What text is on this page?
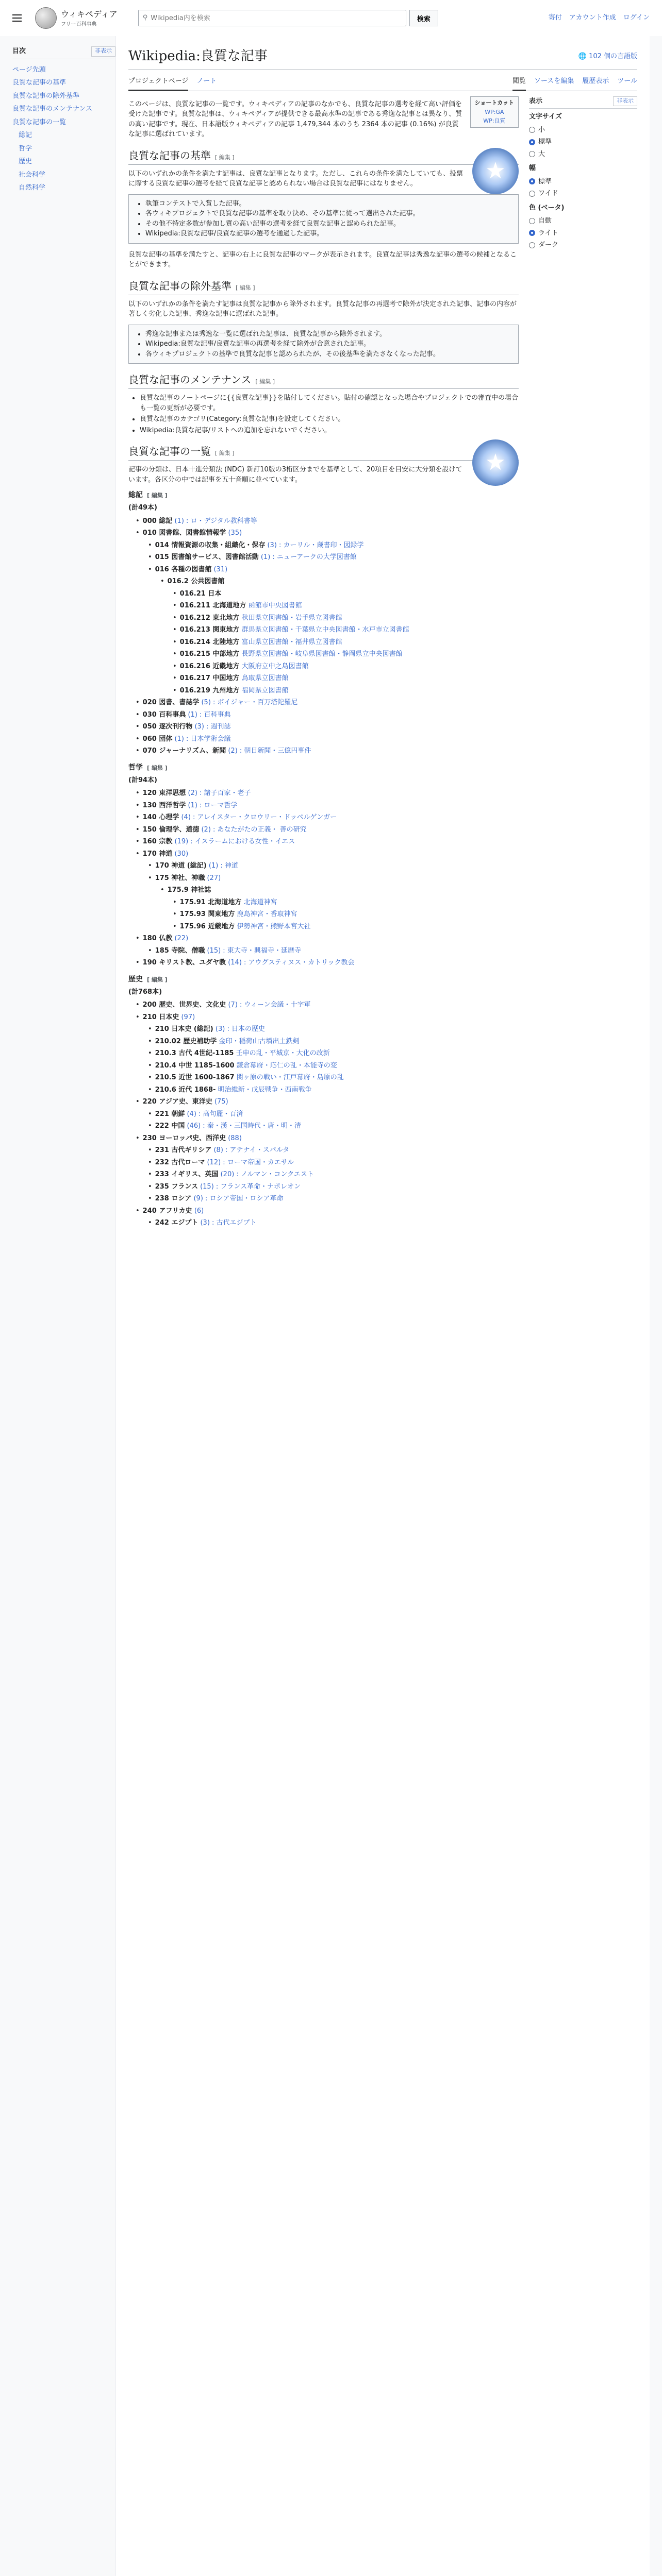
ウィキペディア
フリー百科事典
⚲
Wikipedia内を検索	検索	寄付 アカウント作成 ログイン
目次	非表示
ページ先頭
良質な記事の基準
良質な記事の除外基準
良質な記事のメンテナンス
良質な記事の一覧
総記
哲学
歴史
社会科学
自然科学
Wikipedia:良質な記事	🌐 102 個の言語版
プロジェクトページ ノート	閲覧 ソースを編集 履歴表示 ツール
ショートカット
WP:GA
WP:良質

このページは、良質な記事の一覧です。ウィキペディアの記事のなかでも、良質な記事の選考を経て高い評価を受けた記事です。良質な記事は、ウィキペディアが提供できる最高水準の記事である秀逸な記事とは異なり、質の高い記事です。現在、日本語版ウィキペディアの記事 1,479,344 本のうち 2364 本の記事 (0.16%) が良質な記事に選ばれています。

★
良質な記事の基準 [ 編集 ]

以下のいずれかの条件を満たす記事は、良質な記事となります。ただし、これらの条件を満たしていても、投票に際する良質な記事の選考を経て良質な記事と認められない場合は良質な記事にはなりません。

• 執筆コンテストで入賞した記事。
• 各ウィキプロジェクトで良質な記事の基準を取り決め、その基準に従って選出された記事。
• その他不特定多数が参加し質の高い記事の選考を経て良質な記事と認められた記事。
• Wikipedia:良質な記事/良質な記事の選考を通過した記事。

良質な記事の基準を満たすと、記事の右上に良質な記事のマークが表示されます。良質な記事は秀逸な記事の選考の候補となることができます。

良質な記事の除外基準 [ 編集 ]

以下のいずれかの条件を満たす記事は良質な記事から除外されます。良質な記事の再選考で除外が決定された記事、記事の内容が著しく劣化した記事、秀逸な記事に選ばれた記事。

• 秀逸な記事または秀逸な一覧に選ばれた記事は、良質な記事から除外されます。
• Wikipedia:良質な記事/良質な記事の再選考を経て除外が合意された記事。
• 各ウィキプロジェクトの基準で良質な記事と認められたが、その後基準を満たさなくなった記事。
良質な記事のメンテナンス [ 編集 ]
• 良質な記事のノートページに{{良質な記事}}を貼付してください。貼付の確認となった場合やプロジェクトでの審査中の場合も一覧の更新が必要です。
• 良質な記事のカテゴリ(Category:良質な記事)を設定してください。
• Wikipedia:良質な記事/リストへの追加を忘れないでください。
★
良質な記事の一覧 [ 編集 ]

記事の分類は、日本十進分類法 (NDC) 新訂10版の3桁区分までを基準として、20項目を目安に大分類を設けています。各区分の中では記事を五十音順に並べています。

総記 [ 編集 ]
(計49本)
• 000 総記 (1) : ロ・デジタル教科書等
• 010 図書館、図書館情報学 (35)
• 014 情報資源の収集・組織化・保存 (3) : カーリル・蔵書印・図録学
• 015 図書館サービス、図書館活動 (1) : ニューアークの大学図書館
• 016 各種の図書館 (31)
• 016.2 公共図書館
• 016.21 日本
• 016.211 北海道地方 函館市中央図書館
• 016.212 東北地方 秋田県立図書館・岩手県立図書館
• 016.213 関東地方 群馬県立図書館・千葉県立中央図書館・水戸市立図書館
• 016.214 北陸地方 富山県立図書館・福井県立図書館
• 016.215 中部地方 長野県立図書館・岐阜県図書館・静岡県立中央図書館
• 016.216 近畿地方 大阪府立中之島図書館
• 016.217 中国地方 鳥取県立図書館
• 016.219 九州地方 福岡県立図書館
• 020 図書、書誌学 (5) : ボイジャー・百万塔陀羅尼
• 030 百科事典 (1) : 百科事典
• 050 逐次刊行物 (3) : 週刊誌
• 060 団体 (1) : 日本学術会議
• 070 ジャーナリズム、新聞 (2) : 朝日新聞・三億円事件
哲学 [ 編集 ]
(計94本)
• 120 東洋思想 (2) : 諸子百家・老子
• 130 西洋哲学 (1) : ローマ哲学
• 140 心理学 (4) : アレイスター・クロウリー・ドッペルゲンガー
• 150 倫理学、道徳 (2) : あなたがたの正義・ 善の研究
• 160 宗教 (19) : イスラームにおける女性・イエス
• 170 神道 (30)
• 170 神道 (総記) (1) : 神道
• 175 神社、神職 (27)
• 175.9 神社誌
• 175.91 北海道地方 北海道神宮
• 175.93 関東地方 鹿島神宮・香取神宮
• 175.96 近畿地方 伊勢神宮・熊野本宮大社
• 180 仏教 (22)
• 185 寺院、僧職 (15) : 東大寺・興福寺・延暦寺
• 190 キリスト教、ユダヤ教 (14) : アウグスティヌス・カトリック教会
歴史 [ 編集 ]
(計768本)
• 200 歴史、世界史、文化史 (7) : ウィーン会議・十字軍
• 210 日本史 (97)
• 210 日本史 (総記) (3) : 日本の歴史
• 210.02 歴史補助学 金印・稲荷山古墳出土鉄剣
• 210.3 古代 4世紀-1185 壬申の乱・平城京・大化の改新
• 210.4 中世 1185-1600 鎌倉幕府・応仁の乱・本能寺の変
• 210.5 近世 1600-1867 関ヶ原の戦い・江戸幕府・島原の乱
• 210.6 近代 1868- 明治維新・戊辰戦争・西南戦争
• 220 アジア史、東洋史 (75)
• 221 朝鮮 (4) : 高句麗・百済
• 222 中国 (46) : 秦・漢・三国時代・唐・明・清
• 230 ヨーロッパ史、西洋史 (88)
• 231 古代ギリシア (8) : アテナイ・スパルタ
• 232 古代ローマ (12) : ローマ帝国・カエサル
• 233 イギリス、英国 (20) : ノルマン・コンクエスト
• 235 フランス (15) : フランス革命・ナポレオン
• 238 ロシア (9) : ロシア帝国・ロシア革命
• 240 アフリカ史 (6)
• 242 エジプト (3) : 古代エジプト
表示	非表示
文字サイズ
小
標準
大
幅
標準
ワイド
色 (ベータ)
自動
ライト
ダーク
